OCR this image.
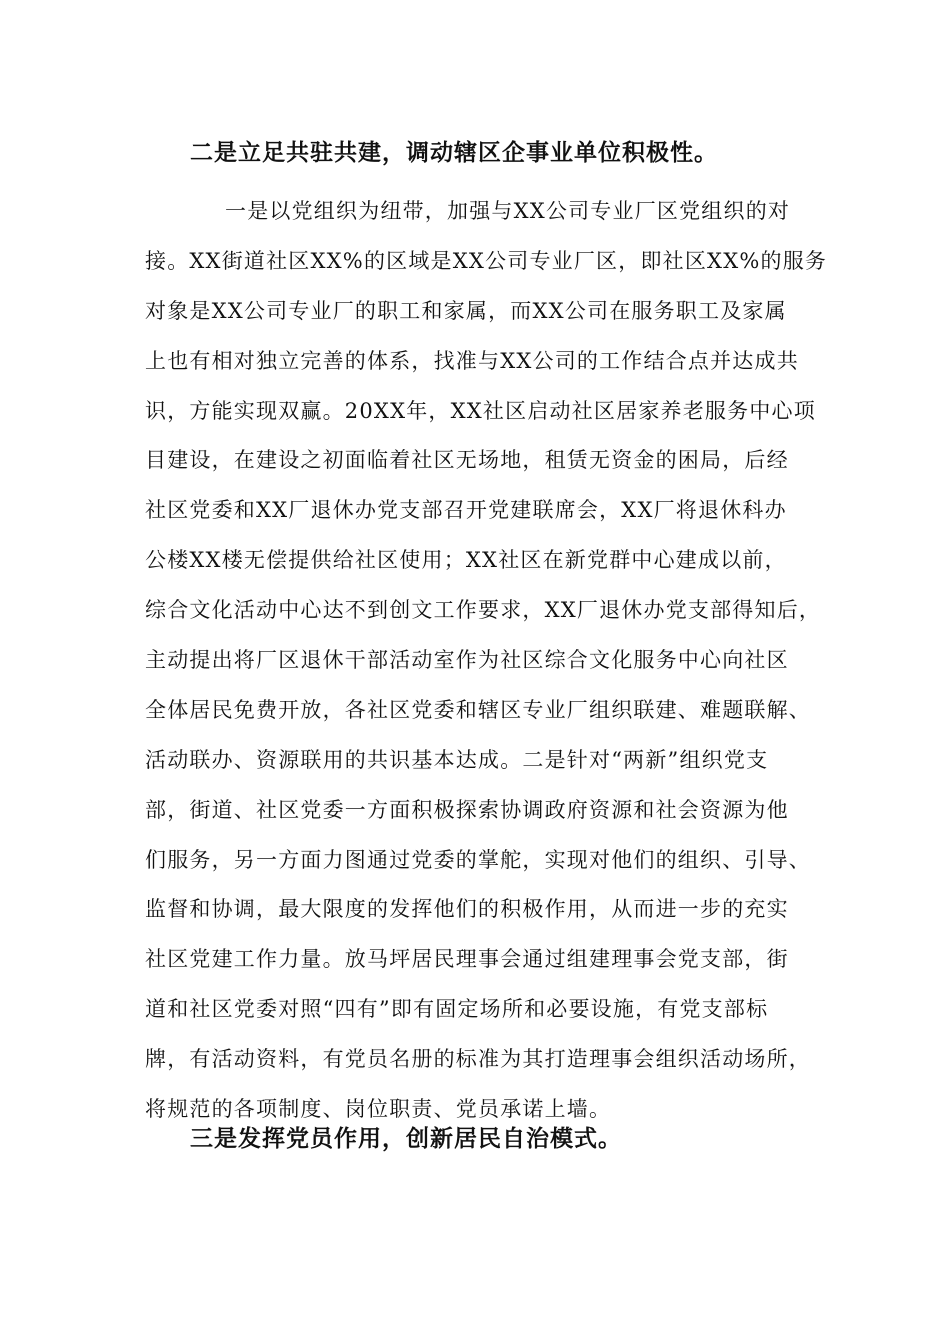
二是立足共驻共建，调动辖区企事业单位积极性。
一是以党组织为纽带，加强与XX公司专业厂区党组织的对
接。XX街道社区XX%的区域是XX公司专业厂区，即社区XX%的服务
对象是XX公司专业厂的职工和家属，而XX公司在服务职工及家属
上也有相对独立完善的体系，找准与XX公司的工作结合点并达成共
识，方能实现双赢。20XX年，XX社区启动社区居家养老服务中心项
目建设，在建设之初面临着社区无场地，租赁无资金的困局，后经
社区党委和XX厂退休办党支部召开党建联席会，XX厂将退休科办
公楼XX楼无偿提供给社区使用；XX社区在新党群中心建成以前，
综合文化活动中心达不到创文工作要求，XX厂退休办党支部得知后，
主动提出将厂区退休干部活动室作为社区综合文化服务中心向社区
全体居民免费开放，各社区党委和辖区专业厂组织联建、难题联解、
活动联办、资源联用的共识基本达成。二是针对“两新”组织党支
部，街道、社区党委一方面积极探索协调政府资源和社会资源为他
们服务，另一方面力图通过党委的掌舵，实现对他们的组织、引导、
监督和协调，最大限度的发挥他们的积极作用，从而进一步的充实
社区党建工作力量。放马坪居民理事会通过组建理事会党支部，街
道和社区党委对照“四有”即有固定场所和必要设施，有党支部标
牌，有活动资料，有党员名册的标准为其打造理事会组织活动场所，
将规范的各项制度、岗位职责、党员承诺上墙。
三是发挥党员作用，创新居民自治模式。
